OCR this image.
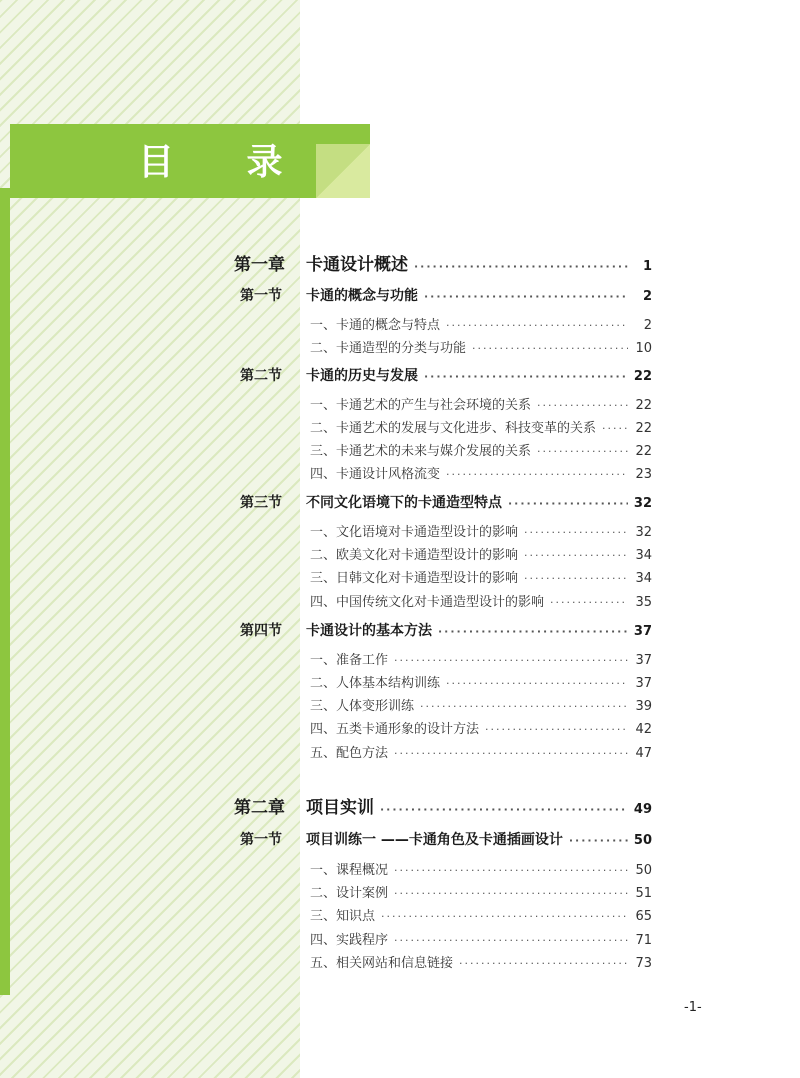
目 录
第一章 卡通设计概述 ·····	1
第一节 卡通的概念与功能 ·····	2
一、卡通的概念与特点 ·····	2
二、卡通造型的分类与功能 ·····	10
第二节 卡通的历史与发展 ·····	22
一、卡通艺术的产生与社会环境的关系 ·····	22
二、卡通艺术的发展与文化进步、科技变革的关系 ·····	22
三、卡通艺术的未来与媒介发展的关系 ·····	22
四、卡通设计风格流变 ·····	23
第三节 不同文化语境下的卡通造型特点 ·····	32
一、文化语境对卡通造型设计的影响 ·····	32
二、欧美文化对卡通造型设计的影响 ·····	34
三、日韩文化对卡通造型设计的影响 ·····	34
四、中国传统文化对卡通造型设计的影响 ·····	35
第四节 卡通设计的基本方法 ·····	37
一、准备工作 ·····	37
二、人体基本结构训练 ·····	37
三、人体变形训练 ·····	39
四、五类卡通形象的设计方法 ·····	42
五、配色方法 ·····	47
第二章 项目实训 ·····	49
第一节 项目训练一 ——卡通角色及卡通插画设计 ·····	50
一、课程概况 ·····	50
二、设计案例 ·····	51
三、知识点 ·····	65
四、实践程序 ·····	71
五、相关网站和信息链接 ·····	73
-1-
